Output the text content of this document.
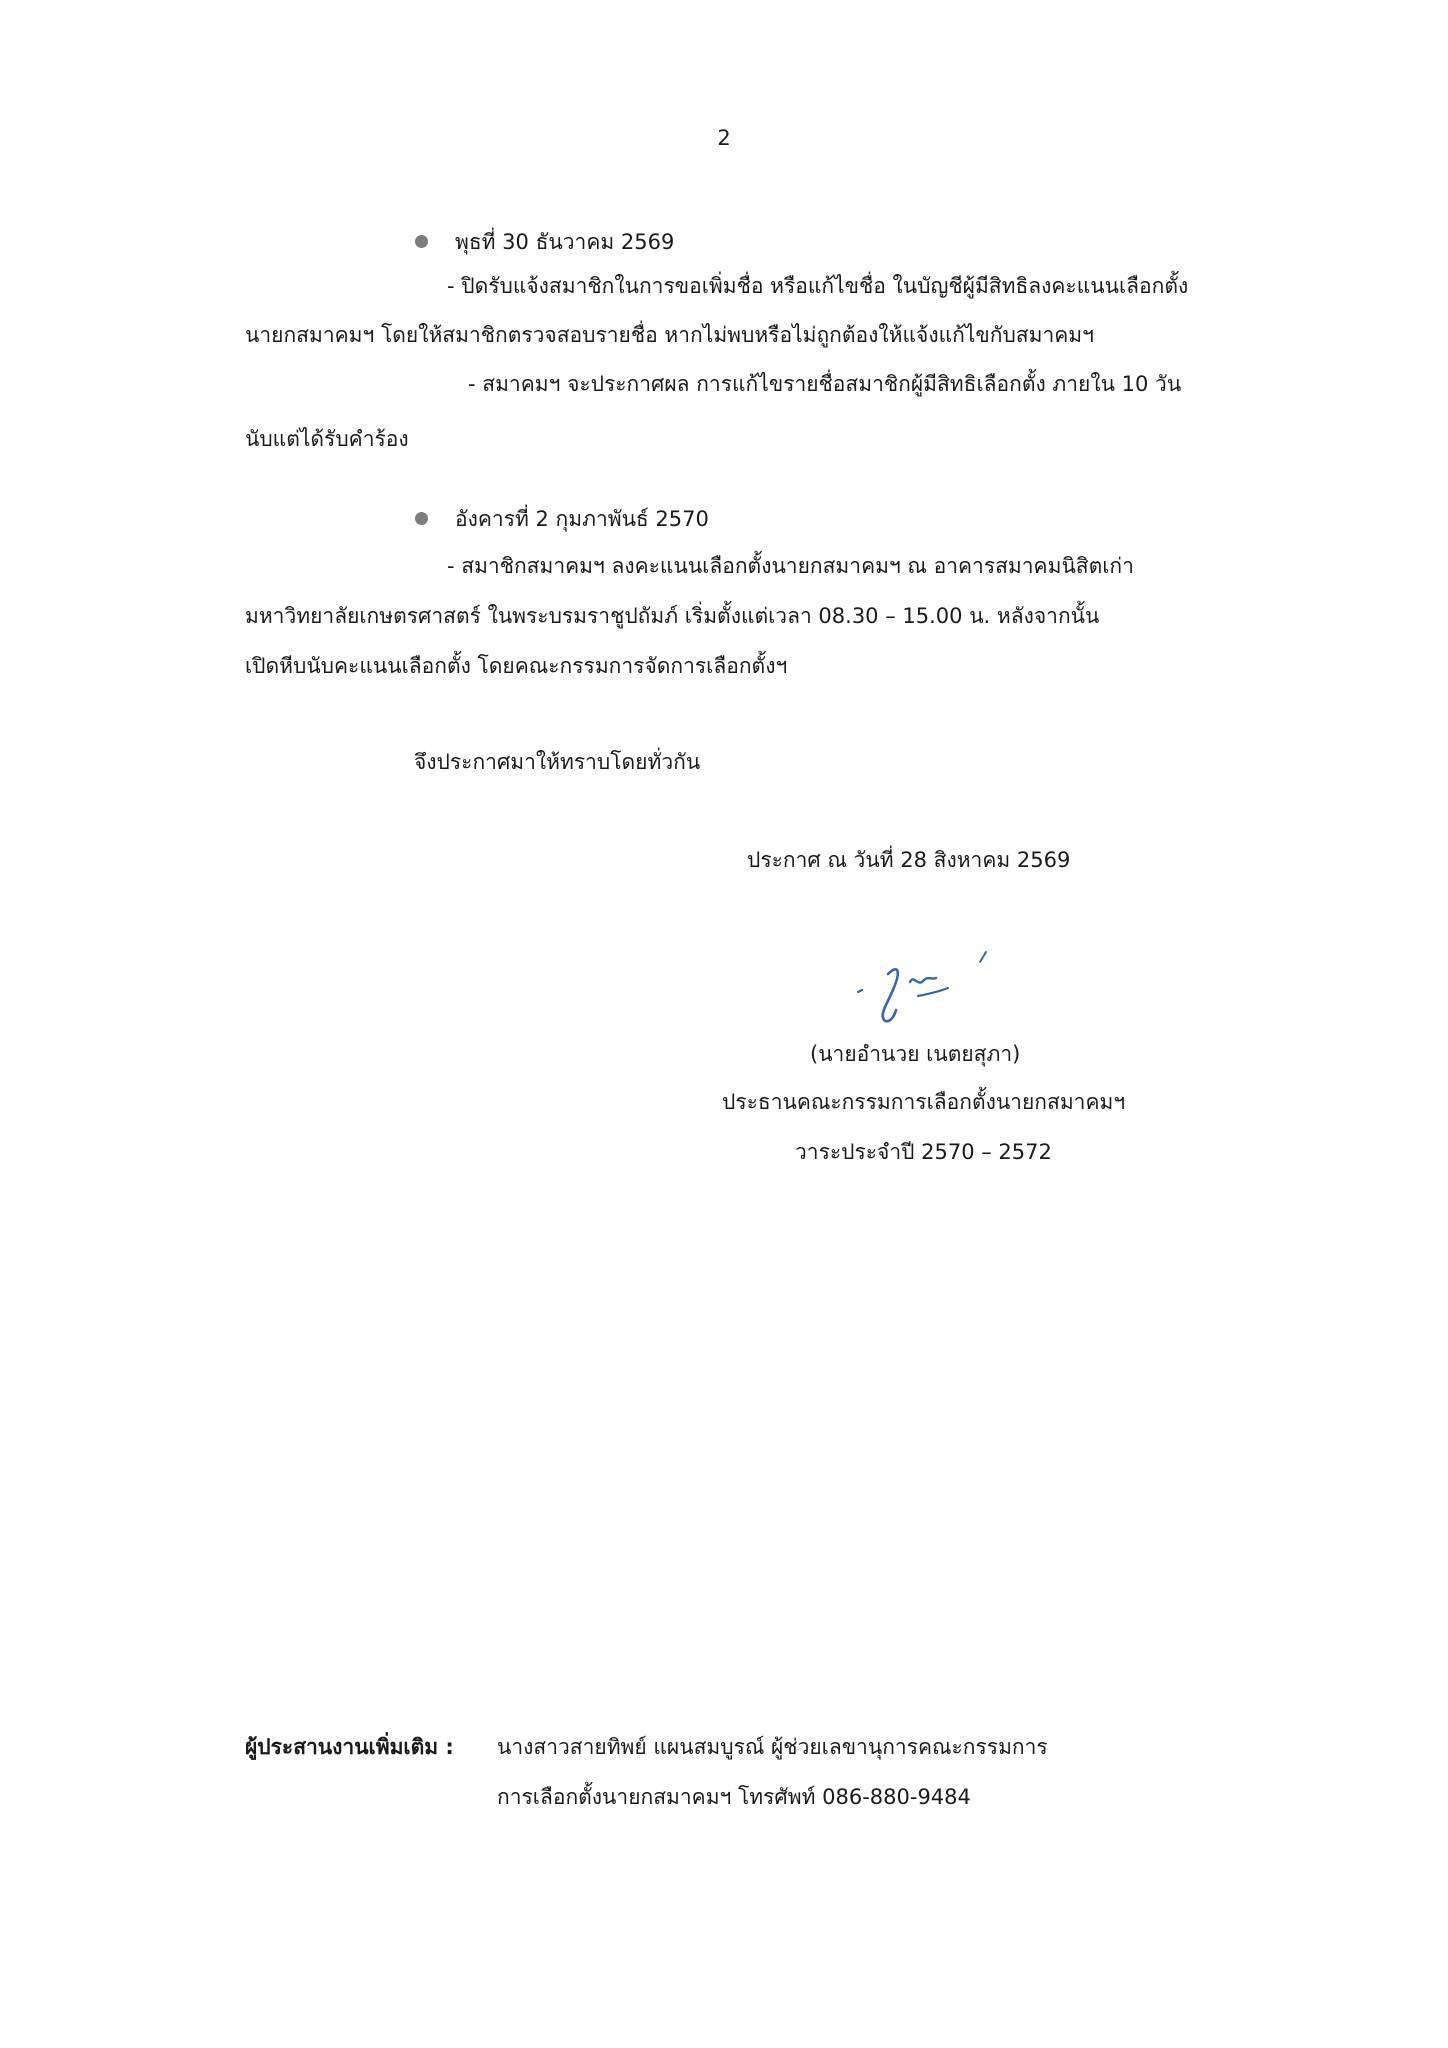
2
พุธที่ 30 ธันวาคม 2569
- ปิดรับแจ้งสมาชิกในการขอเพิ่มชื่อ หรือแก้ไขชื่อ ในบัญชีผู้มีสิทธิลงคะแนนเลือกตั้ง
นายกสมาคมฯ โดยให้สมาชิกตรวจสอบรายชื่อ หากไม่พบหรือไม่ถูกต้องให้แจ้งแก้ไขกับสมาคมฯ
- สมาคมฯ จะประกาศผล การแก้ไขรายชื่อสมาชิกผู้มีสิทธิเลือกตั้ง ภายใน 10 วัน
นับแต่ได้รับคำร้อง
อังคารที่ 2 กุมภาพันธ์ 2570
- สมาชิกสมาคมฯ ลงคะแนนเลือกตั้งนายกสมาคมฯ ณ อาคารสมาคมนิสิตเก่า
มหาวิทยาลัยเกษตรศาสตร์ ในพระบรมราชูปถัมภ์ เริ่มตั้งแต่เวลา 08.30 – 15.00 น. หลังจากนั้น
เปิดหีบนับคะแนนเลือกตั้ง โดยคณะกรรมการจัดการเลือกตั้งฯ
จึงประกาศมาให้ทราบโดยทั่วกัน
ประกาศ ณ วันที่ 28 สิงหาคม 2569
(นายอำนวย เนตยสุภา)
ประธานคณะกรรมการเลือกตั้งนายกสมาคมฯ
วาระประจำปี 2570 – 2572
ผู้ประสานงานเพิ่มเติม : นางสาวสายทิพย์ แผนสมบูรณ์ ผู้ช่วยเลขานุการคณะกรรมการ
การเลือกตั้งนายกสมาคมฯ โทรศัพท์ 086-880-9484
